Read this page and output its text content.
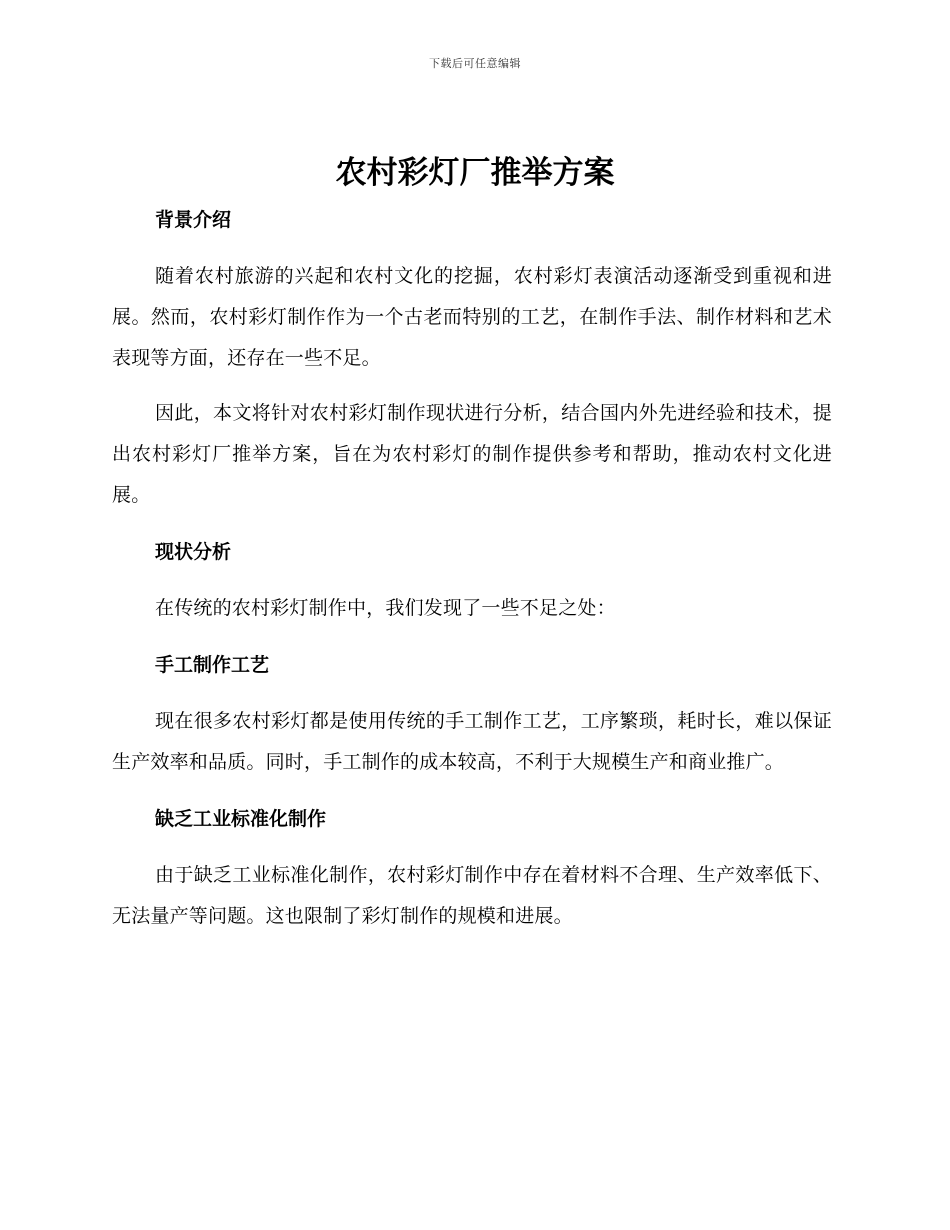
下载后可任意编辑
农村彩灯厂推举方案
背景介绍

随着农村旅游的兴起和农村文化的挖掘，农村彩灯表演活动逐渐受到重视和进展。然而，农村彩灯制作作为一个古老而特别的工艺，在制作手法、制作材料和艺术表现等方面，还存在一些不足。

因此，本文将针对农村彩灯制作现状进行分析，结合国内外先进经验和技术，提出农村彩灯厂推举方案，旨在为农村彩灯的制作提供参考和帮助，推动农村文化进展。

现状分析

在传统的农村彩灯制作中，我们发现了一些不足之处：

手工制作工艺

现在很多农村彩灯都是使用传统的手工制作工艺，工序繁琐，耗时长，难以保证生产效率和品质。同时，手工制作的成本较高，不利于大规模生产和商业推广。

缺乏工业标准化制作

由于缺乏工业标准化制作，农村彩灯制作中存在着材料不合理、生产效率低下、无法量产等问题。这也限制了彩灯制作的规模和进展。
